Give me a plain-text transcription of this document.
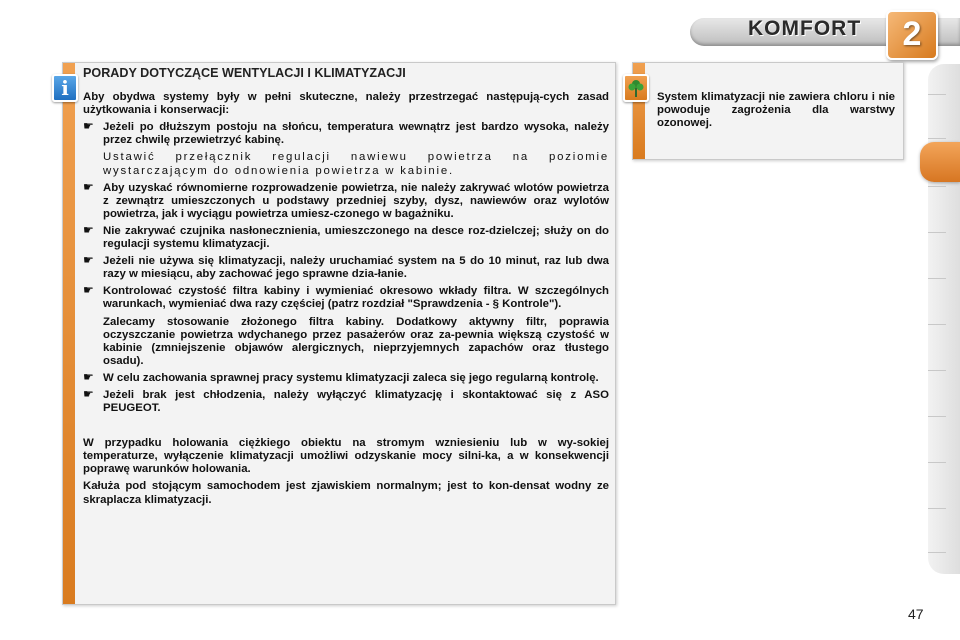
KOMFORT	2
PORADY DOTYCZĄCE WENTYLACJI I KLIMATYZACJI

Aby obydwa systemy były w pełni skuteczne, należy przestrzegać następują-cych zasad użytkowania i konserwacji:

☛ Jeżeli po dłuższym postoju na słońcu, temperatura wewnątrz jest bardzo wysoka, należy przez chwilę przewietrzyć kabinę.

Ustawić przełącznik regulacji nawiewu powietrza na poziomie wystarczającym do odnowienia powietrza w kabinie.

☛ Aby uzyskać równomierne rozprowadzenie powietrza, nie należy zakrywać wlotów powietrza z zewnątrz umieszczonych u podstawy przedniej szyby, dysz, nawiewów oraz wylotów powietrza, jak i wyciągu powietrza umiesz-czonego w bagażniku.

☛ Nie zakrywać czujnika nasłonecznienia, umieszczonego na desce roz-dzielczej; służy on do regulacji systemu klimatyzacji.

☛ Jeżeli nie używa się klimatyzacji, należy uruchamiać system na 5 do 10 minut, raz lub dwa razy w miesiącu, aby zachować jego sprawne dzia-łanie.

☛ Kontrolować czystość filtra kabiny i wymieniać okresowo wkłady filtra. W szczególnych warunkach, wymieniać dwa razy częściej (patrz rozdział "Sprawdzenia - § Kontrole").

Zalecamy stosowanie złożonego filtra kabiny. Dodatkowy aktywny filtr, poprawia oczyszczanie powietrza wdychanego przez pasażerów oraz za-pewnia większą czystość w kabinie (zmniejszenie objawów alergicznych, nieprzyjemnych zapachów oraz tłustego osadu).

☛ W celu zachowania sprawnej pracy systemu klimatyzacji zaleca się jego regularną kontrolę.

☛ Jeżeli brak jest chłodzenia, należy wyłączyć klimatyzację i skontaktować się z ASO PEUGEOT.

W przypadku holowania ciężkiego obiektu na stromym wzniesieniu lub w wy-sokiej temperaturze, wyłączenie klimatyzacji umożliwi odzyskanie mocy silni-ka, a w konsekwencji poprawę warunków holowania.

Kałuża pod stojącym samochodem jest zjawiskiem normalnym; jest to kon-densat wodny ze skraplacza klimatyzacji.

i	System klimatyzacji nie zawiera chloru i nie powoduje zagrożenia dla warstwy ozonowej.

47
